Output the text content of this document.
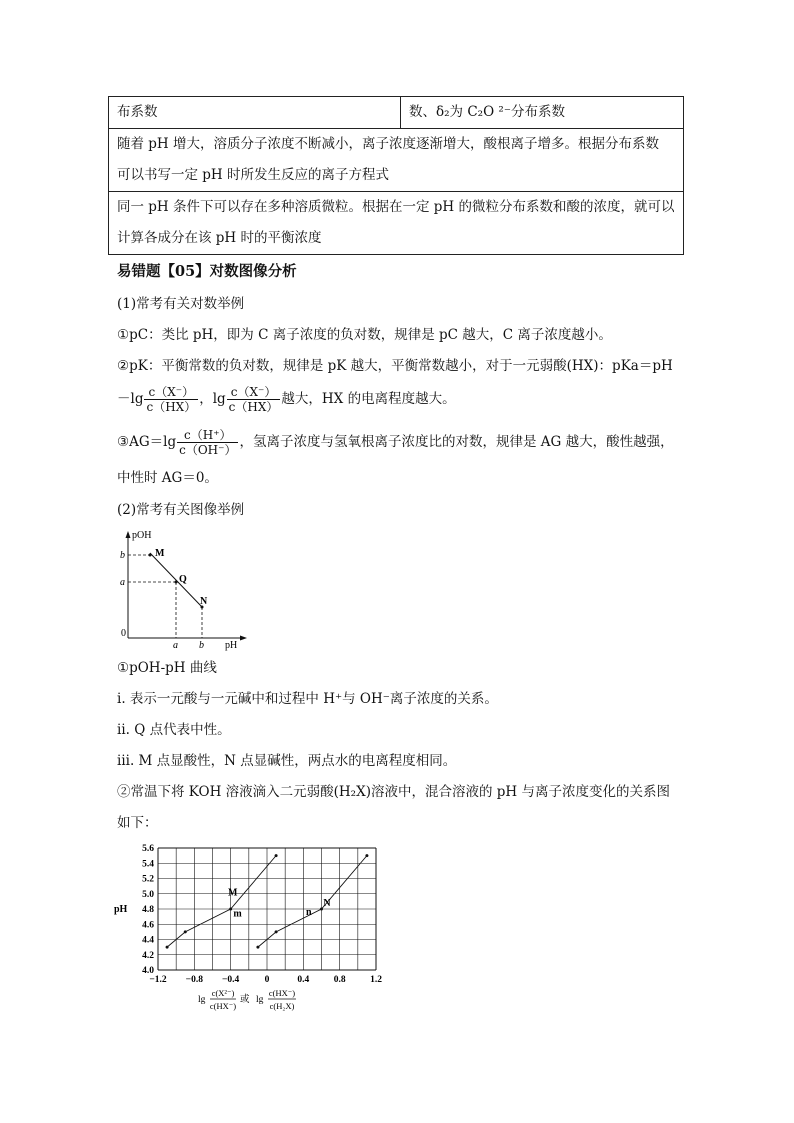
布系数	数、δ₂为 C₂O ²⁻分布系数

随着 pH 增大，溶质分子浓度不断减小，离子浓度逐渐增大，酸根离子增多。根据分布系数
可以书写一定 pH 时所发生反应的离子方程式

同一 pH 条件下可以存在多种溶质微粒。根据在一定 pH 的微粒分布系数和酸的浓度，就可以
计算各成分在该 pH 时的平衡浓度
易错题【05】对数图像分析
(1)常考有关对数举例
①pC：类比 pH，即为 C 离子浓度的负对数，规律是 pC 越大，C 离子浓度越小。
②pK：平衡常数的负对数，规律是 pK 越大，平衡常数越小，对于一元弱酸(HX)：pKa＝pH
$-\lg \frac{c(X^-)}{c(HX)}$ ，$\lg \frac{c(X^-)}{c(HX)}$ 越大，HX 的电离程度越大。
③AG＝lg $\frac{c(H^+)}{c(OH^-)}$ ，氢离子浓度与氢氧根离子浓度比的对数，规律是 AG 越大，酸性越强，
中性时 AG＝0。
(2)常考有关图像举例
pOH
pH
0
b
a
a b
M
Q
N
①pOH-pH 曲线
ⅰ. 表示一元酸与一元碱中和过程中 H⁺与 OH⁻离子浓度的关系。
ⅱ. Q 点代表中性。
ⅲ. M 点显酸性，N 点显碱性，两点水的电离程度相同。
②常温下将 KOH 溶液滴入二元弱酸(H₂X)溶液中，混合溶液的 pH 与离子浓度变化的关系图
如下：
−1.2 −0.8 −0.4	0	0.4	0.8	1.2
4.0
4.2
4.4
4.6
4.8
5.0
5.2
5.4
5.6
M
m
N
n
pH
lg
c(X²⁻)
c(HX⁻)
或 lg
c(HX⁻)
c(H₂X)
